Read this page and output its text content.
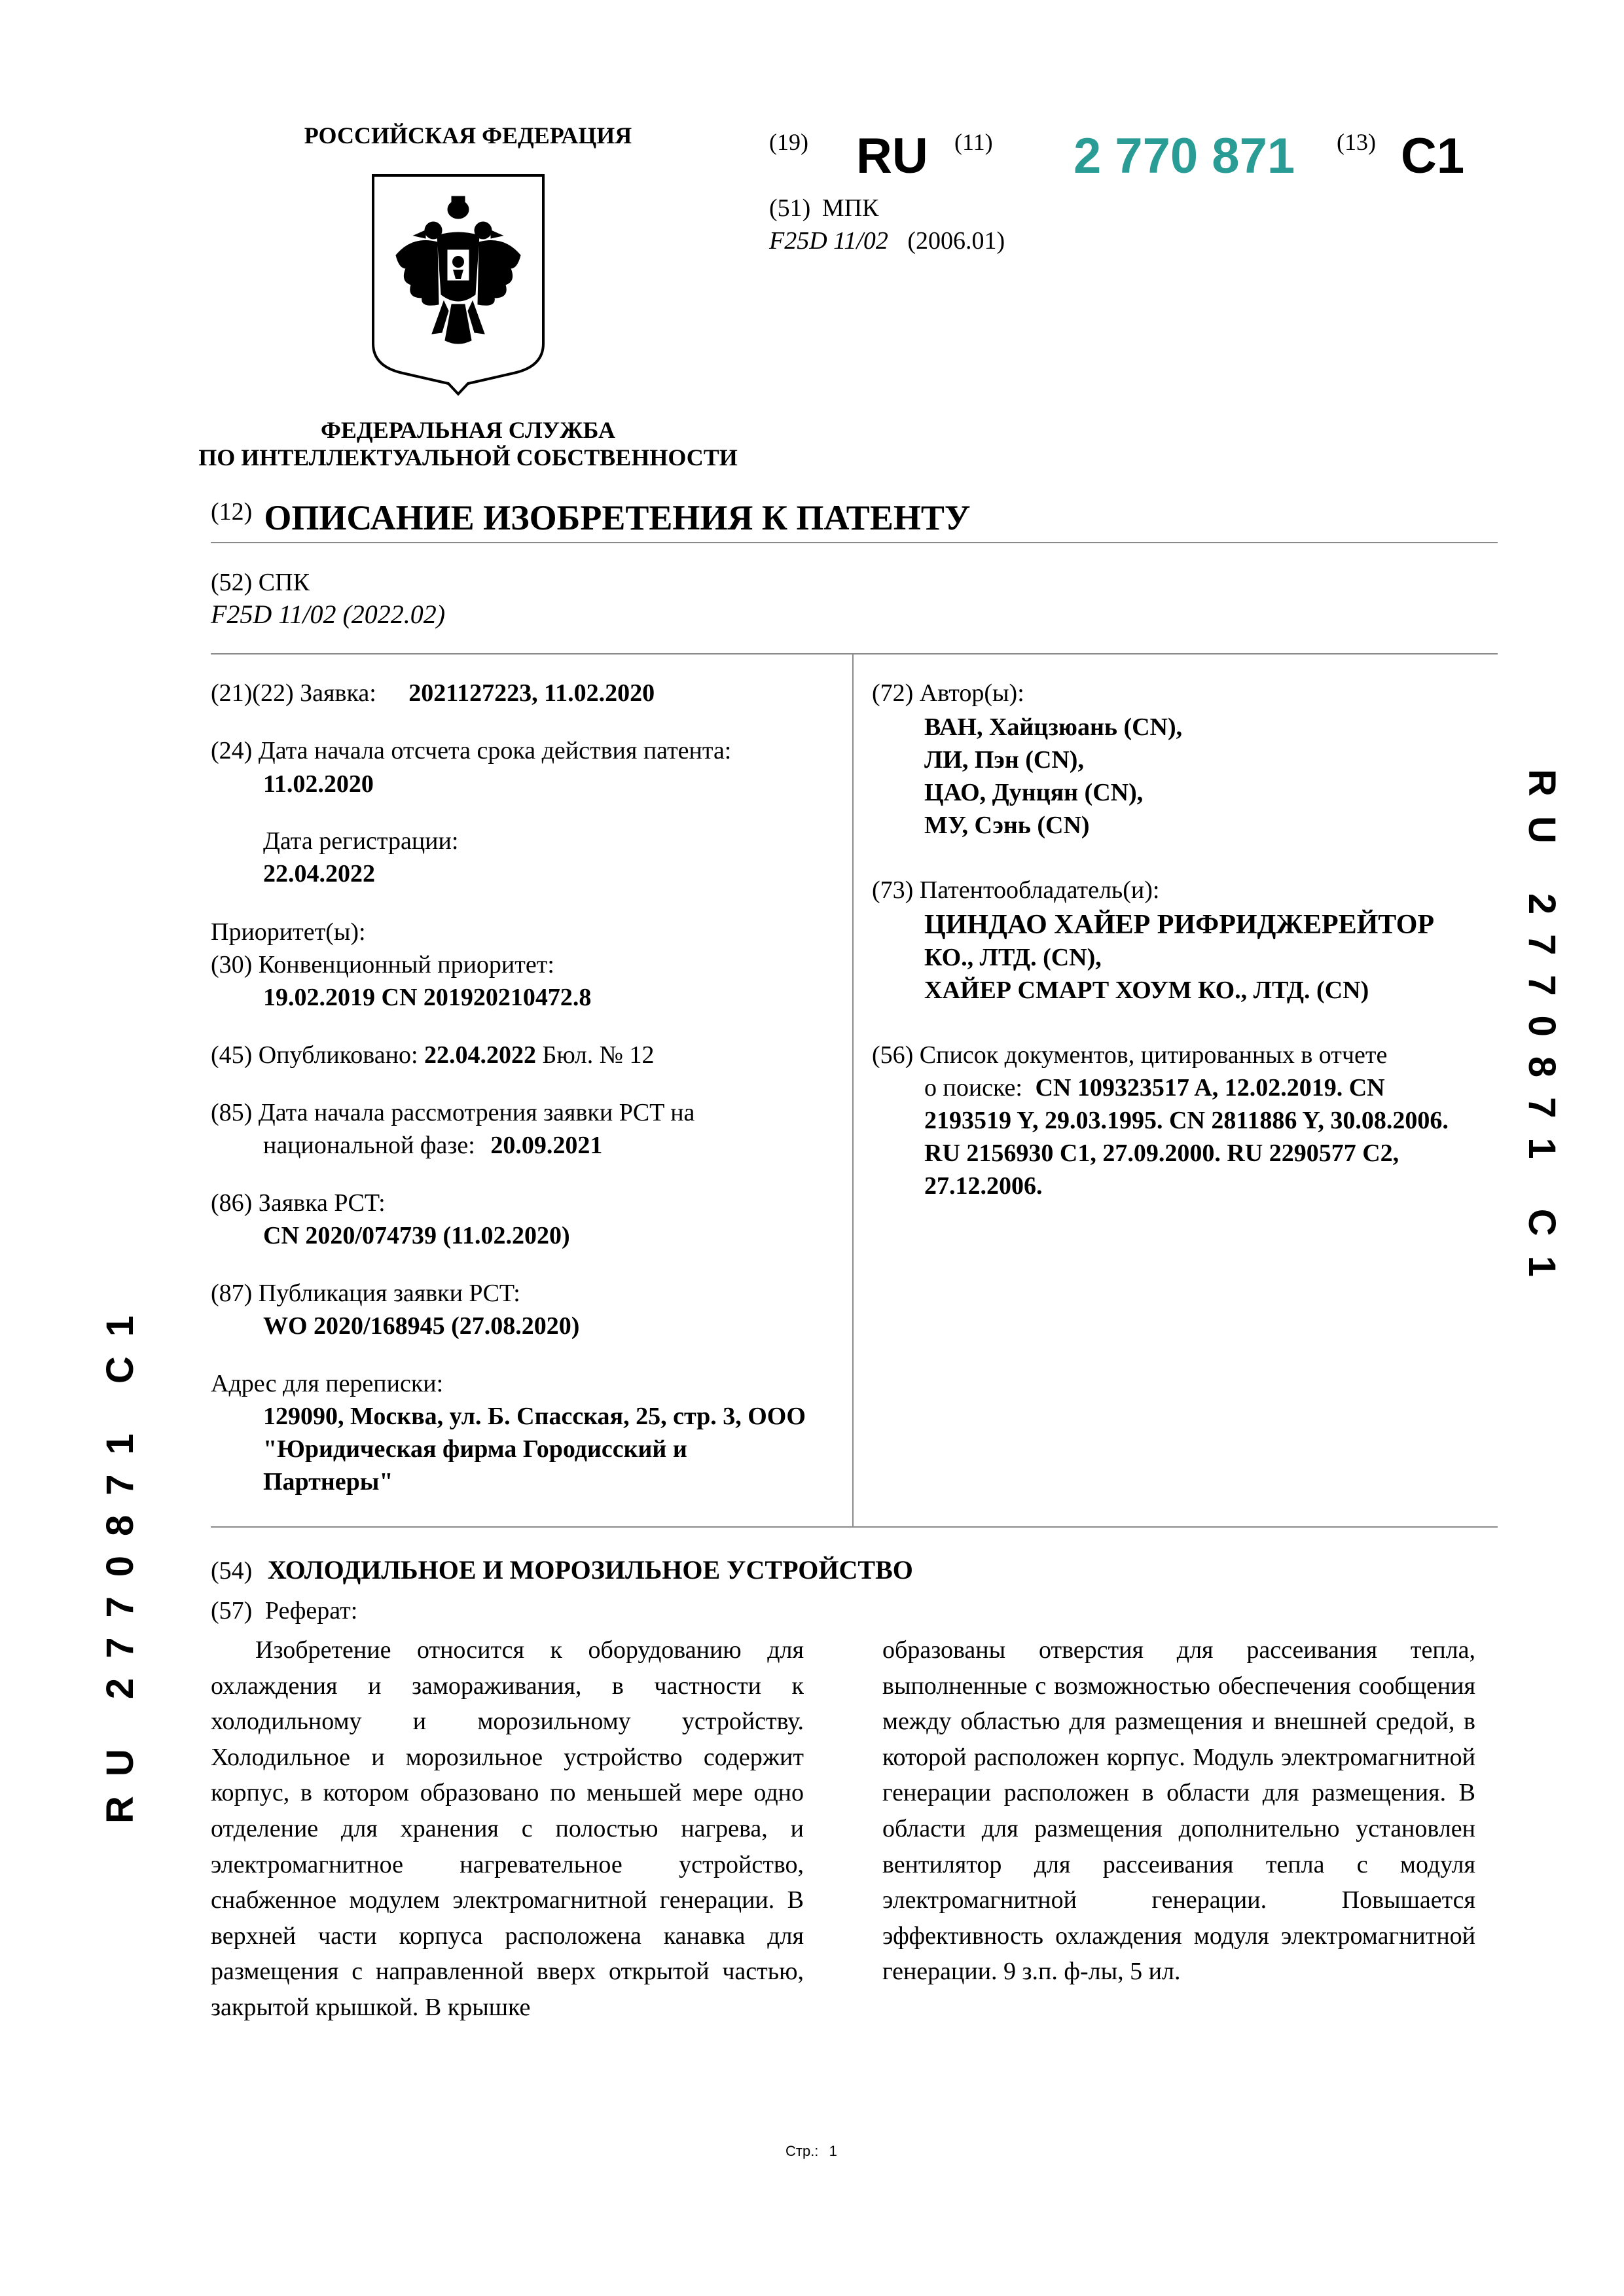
РОССИЙСКАЯ ФЕДЕРАЦИЯ
ФЕДЕРАЛЬНАЯ СЛУЖБА
ПО ИНТЕЛЛЕКТУАЛЬНОЙ СОБСТВЕННОСТИ
(19) RU (11) 2 770 871 (13) C1
(51) МПК
F25D 11/02 (2006.01)
(12) ОПИСАНИЕ ИЗОБРЕТЕНИЯ К ПАТЕНТУ
(52) СПК
F25D 11/02 (2022.02)
(21)(22) Заявка: 2021127223, 11.02.2020
(24) Дата начала отсчета срока действия патента:
11.02.2020
Дата регистрации:
22.04.2022
Приоритет(ы):
(30) Конвенционный приоритет:
19.02.2019 CN 201920210472.8
(45) Опубликовано: 22.04.2022 Бюл. № 12
(85) Дата начала рассмотрения заявки PCT на
национальной фазе: 20.09.2021
(86) Заявка PCT:
CN 2020/074739 (11.02.2020)
(87) Публикация заявки PCT:
WO 2020/168945 (27.08.2020)
Адрес для переписки:
129090, Москва, ул. Б. Спасская, 25, стр. 3, ООО
"Юридическая фирма Городисский и
Партнеры"
(72) Автор(ы):
ВАН, Хайцзюань (CN),
ЛИ, Пэн (CN),
ЦАО, Дунцян (CN),
МУ, Сэнь (CN)
(73) Патентообладатель(и):
ЦИНДАО ХАЙЕР РИФРИДЖЕРЕЙТОР
КО., ЛТД. (CN),
ХАЙЕР СМАРТ ХОУМ КО., ЛТД. (CN)
(56) Список документов, цитированных в отчете
о поиске: CN 109323517 A, 12.02.2019. CN
2193519 Y, 29.03.1995. CN 2811886 Y, 30.08.2006.
RU 2156930 C1, 27.09.2000. RU 2290577 C2,
27.12.2006.
(54) ХОЛОДИЛЬНОЕ И МОРОЗИЛЬНОЕ УСТРОЙСТВО
(57) Реферат:
Изобретение относится к оборудованию для охлаждения и замораживания, в частности к холодильному и морозильному устройству. Холодильное и морозильное устройство содержит корпус, в котором образовано по меньшей мере одно отделение для хранения с полостью нагрева, и электромагнитное нагревательное устройство, снабженное модулем электромагнитной генерации. В верхней части корпуса расположена канавка для размещения с направленной вверх открытой частью, закрытой крышкой. В крышке
образованы отверстия для рассеивания тепла, выполненные с возможностью обеспечения сообщения между областью для размещения и внешней средой, в которой расположен корпус. Модуль электромагнитной генерации расположен в области для размещения. В области для размещения дополнительно установлен вентилятор для рассеивания тепла с модуля электромагнитной генерации. Повышается эффективность охлаждения модуля электромагнитной генерации. 9 з.п. ф-лы, 5 ил.
RU 2770871 C1
RU 2770871 C1
Стр.: 1
